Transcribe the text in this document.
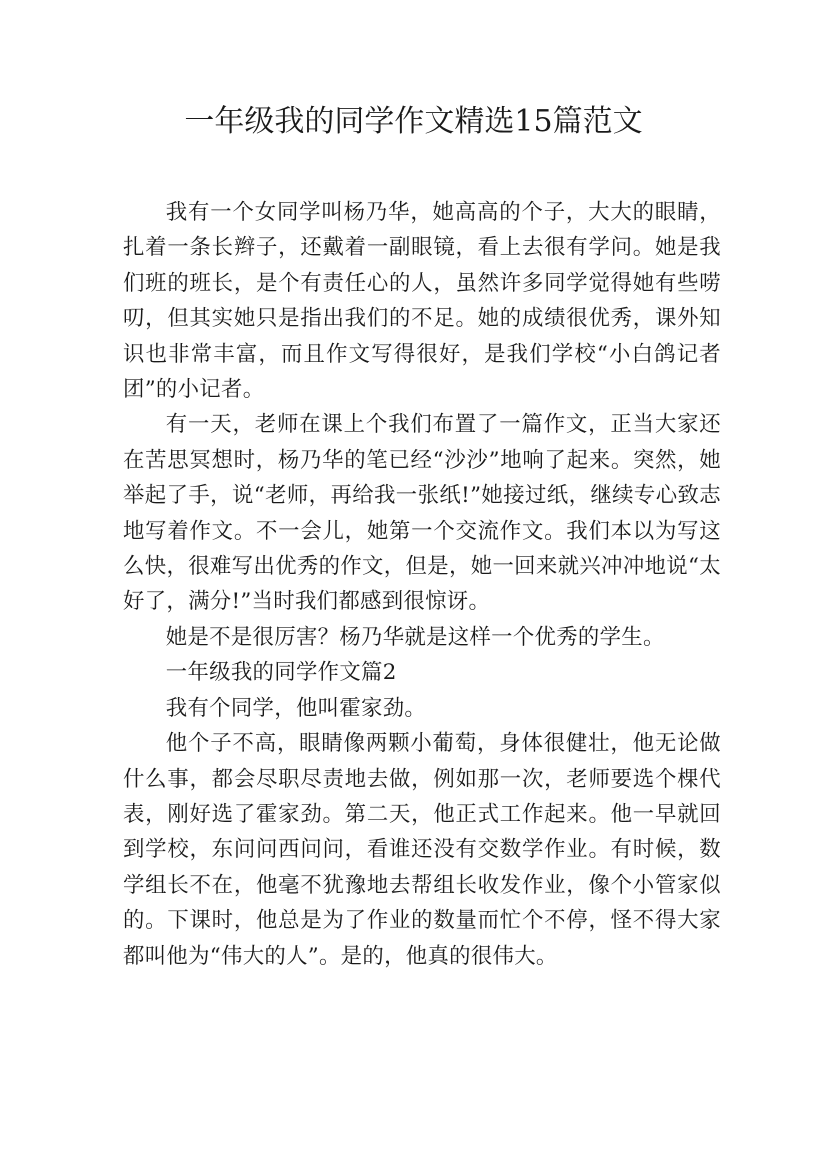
一年级我的同学作文精选15篇范文

我有一个女同学叫杨乃华，她高高的个子，大大的眼睛，扎着一条长辫子，还戴着一副眼镜，看上去很有学问。她是我们班的班长，是个有责任心的人，虽然许多同学觉得她有些唠叨，但其实她只是指出我们的不足。她的成绩很优秀，课外知识也非常丰富，而且作文写得很好，是我们学校“小白鸽记者团”的小记者。

有一天，老师在课上个我们布置了一篇作文，正当大家还在苦思冥想时，杨乃华的笔已经“沙沙”地响了起来。突然，她举起了手，说“老师，再给我一张纸!”她接过纸，继续专心致志地写着作文。不一会儿，她第一个交流作文。我们本以为写这么快，很难写出优秀的作文，但是，她一回来就兴冲冲地说“太好了，满分!”当时我们都感到很惊讶。

她是不是很厉害？杨乃华就是这样一个优秀的学生。

一年级我的同学作文篇2

我有个同学，他叫霍家劲。

他个子不高，眼睛像两颗小葡萄，身体很健壮，他无论做什么事，都会尽职尽责地去做，例如那一次，老师要选个棵代表，刚好选了霍家劲。第二天，他正式工作起来。他一早就回到学校，东问问西问问，看谁还没有交数学作业。有时候，数学组长不在，他毫不犹豫地去帮组长收发作业，像个小管家似的。下课时，他总是为了作业的数量而忙个不停，怪不得大家都叫他为“伟大的人”。是的，他真的很伟大。
